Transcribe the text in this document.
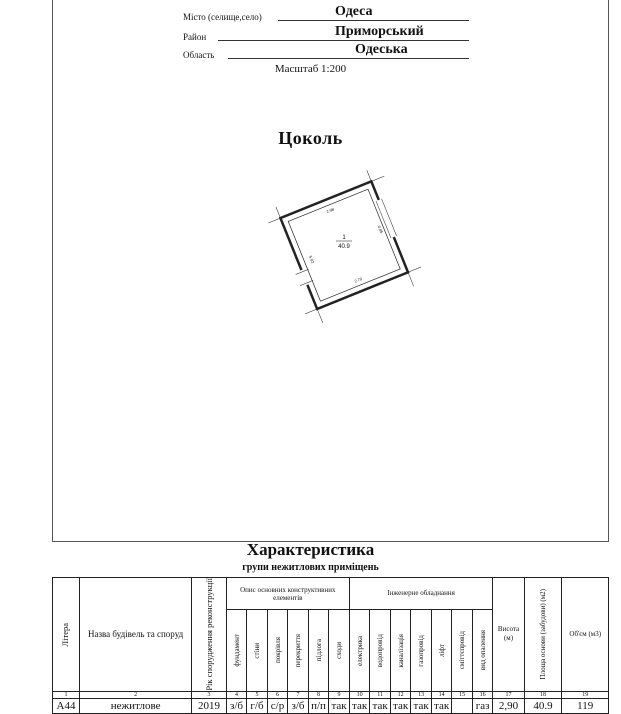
Місто (селище,село)	Одеса
Район	Приморський
Область	Одеська
Масштаб 1:200
Цоколь
2.98
0.85
5.02
2.79
1
40.9
Характеристика
групи нежитлових приміщень
Літера	Назва будівель та споруд	Рік спорудження реконструкції	Опис основних конструктивних елементів						Інженерне обладнання							Висота (м)	Площа основи (забудови) (м2)	Об'єм (м3)

			фундамент	стіни	покрівля	перекриття	підлога	сходи	електрика	водопровід	каналізація	газопровід	ліфт	сміттєпровід	вид опалення			

1	2	3	4	5	6	7	8	9	10	11	12	13	14	15	16	17	18	19
А44	нежитлове	2019	з/б	г/б	с/р	з/б	п/п	так	так	так	так	так	так		газ	2,90	40.9	119
